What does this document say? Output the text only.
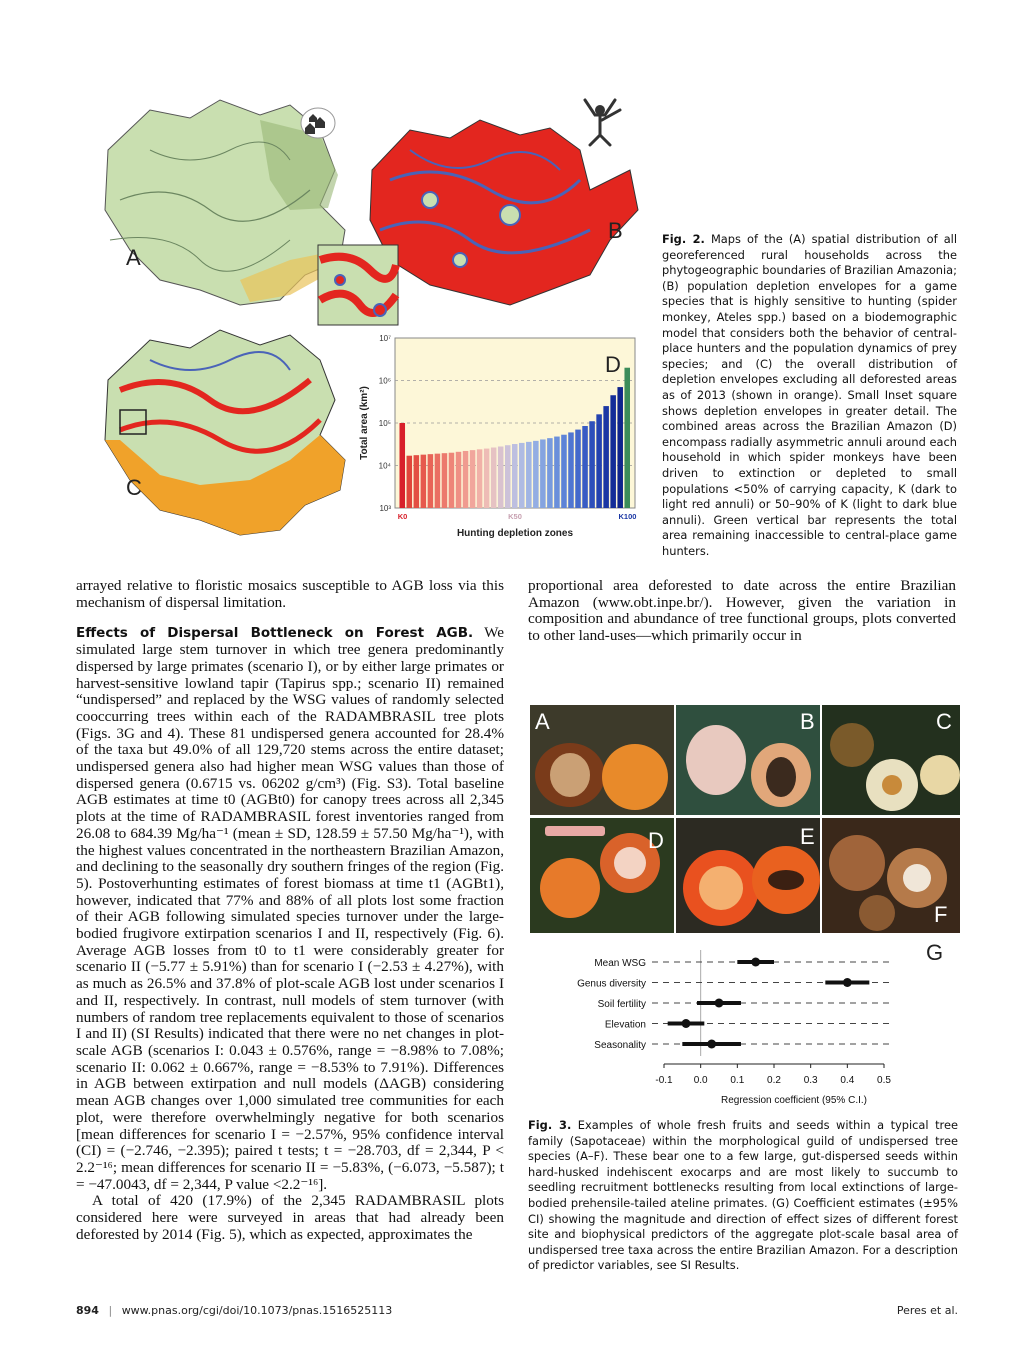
A
B
C
10³
10⁴
10⁵
10⁶
10⁷
K0	K50	K100
Hunting depletion zones
Total area (km²)
D
Fig. 2. Maps of the (A) spatial distribution of all georeferenced rural households across the phytogeographic boundaries of Brazilian Amazonia; (B) population depletion envelopes for a game species that is highly sensitive to hunting (spider monkey, Ateles spp.) based on a biodemographic model that considers both the behavior of central-place hunters and the population dynamics of prey species; and (C) the overall distribution of depletion envelopes excluding all deforested areas as of 2013 (shown in orange). Small Inset square shows depletion envelopes in greater detail. The combined areas across the Brazilian Amazon (D) encompass radially asymmetric annuli around each household in which spider monkeys have been driven to extinction or depleted to small populations <50% of carrying capacity, K (dark to light red annuli) or 50–90% of K (light to dark blue annuli). Green vertical bar represents the total area remaining inaccessible to central-place game hunters.

arrayed relative to floristic mosaics susceptible to AGB loss via this mechanism of dispersal limitation.

Effects of Dispersal Bottleneck on Forest AGB. We simulated large stem turnover in which tree genera predominantly dispersed by large primates (scenario I), or by either large primates or harvest-sensitive lowland tapir (Tapirus spp.; scenario II) remained “undispersed” and replaced by the WSG values of randomly selected cooccurring trees within each of the RADAMBRASIL tree plots (Figs. 3G and 4). These 81 undispersed genera accounted for 28.4% of the taxa but 49.0% of all 129,720 stems across the entire dataset; undispersed genera also had higher mean WSG values than those of dispersed genera (0.6715 vs. 06202 g/cm³) (Fig. S3). Total baseline AGB estimates at time t0 (AGBt0) for canopy trees across all 2,345 plots at the time of RADAMBRASIL forest inventories ranged from 26.08 to 684.39 Mg/ha⁻¹ (mean ± SD, 128.59 ± 57.50 Mg/ha⁻¹), with the highest values concentrated in the northeastern Brazilian Amazon, and declining to the seasonally dry southern fringes of the region (Fig. 5). Postoverhunting estimates of forest biomass at time t1 (AGBt1), however, indicated that 77% and 88% of all plots lost some fraction of their AGB following simulated species turnover under the large-bodied frugivore extirpation scenarios I and II, respectively (Fig. 6). Average AGB losses from t0 to t1 were considerably greater for scenario II (−5.77 ± 5.91%) than for scenario I (−2.53 ± 4.27%), with as much as 26.5% and 37.8% of plot-scale AGB lost under scenarios I and II, respectively. In contrast, null models of stem turnover (with numbers of random tree replacements equivalent to those of scenarios I and II) (SI Results) indicated that there were no net changes in plot-scale AGB (scenarios I: 0.043 ± 0.576%, range = −8.98% to 7.08%; scenario II: 0.062 ± 0.667%, range = −8.53% to 7.91%). Differences in AGB between extirpation and null models (ΔAGB) considering mean AGB changes over 1,000 simulated tree communities for each plot, were therefore overwhelmingly negative for both scenarios [mean differences for scenario I = −2.57%, 95% confidence interval (CI) = (−2.746, −2.395); paired t tests; t = −28.703, df = 2,344, P < 2.2⁻¹⁶; mean differences for scenario II = −5.83%, (−6.073, −5.587); t = −47.0043, df = 2,344, P value <2.2⁻¹⁶].

A total of 420 (17.9%) of the 2,345 RADAMBRASIL plots considered here were surveyed in areas that had already been deforested by 2014 (Fig. 5), which as expected, approximates the

proportional area deforested to date across the entire Brazilian Amazon (www.obt.inpe.br/). However, given the variation in composition and abundance of tree functional groups, plots converted to other land-uses—which primarily occur in

A	B	C
D	E
F
Mean WSG
Genus diversity
Soil fertility
Elevation
Seasonality
-0.1 0.0 0.1 0.2 0.3 0.4 0.5
Regression coefficient (95% C.I.)
G
Fig. 3. Examples of whole fresh fruits and seeds within a typical tree family (Sapotaceae) within the morphological guild of undispersed tree species (A–F). These bear one to a few large, gut-dispersed seeds within hard-husked indehiscent exocarps and are most likely to succumb to seedling recruitment bottlenecks resulting from local extinctions of large-bodied prehensile-tailed ateline primates. (G) Coefficient estimates (±95% CI) showing the magnitude and direction of effect sizes of different forest site and biophysical predictors of the aggregate plot-scale basal area of undispersed tree taxa across the entire Brazilian Amazon. For a description of predictor variables, see SI Results.
894 | www.pnas.org/cgi/doi/10.1073/pnas.1516525113	Peres et al.
